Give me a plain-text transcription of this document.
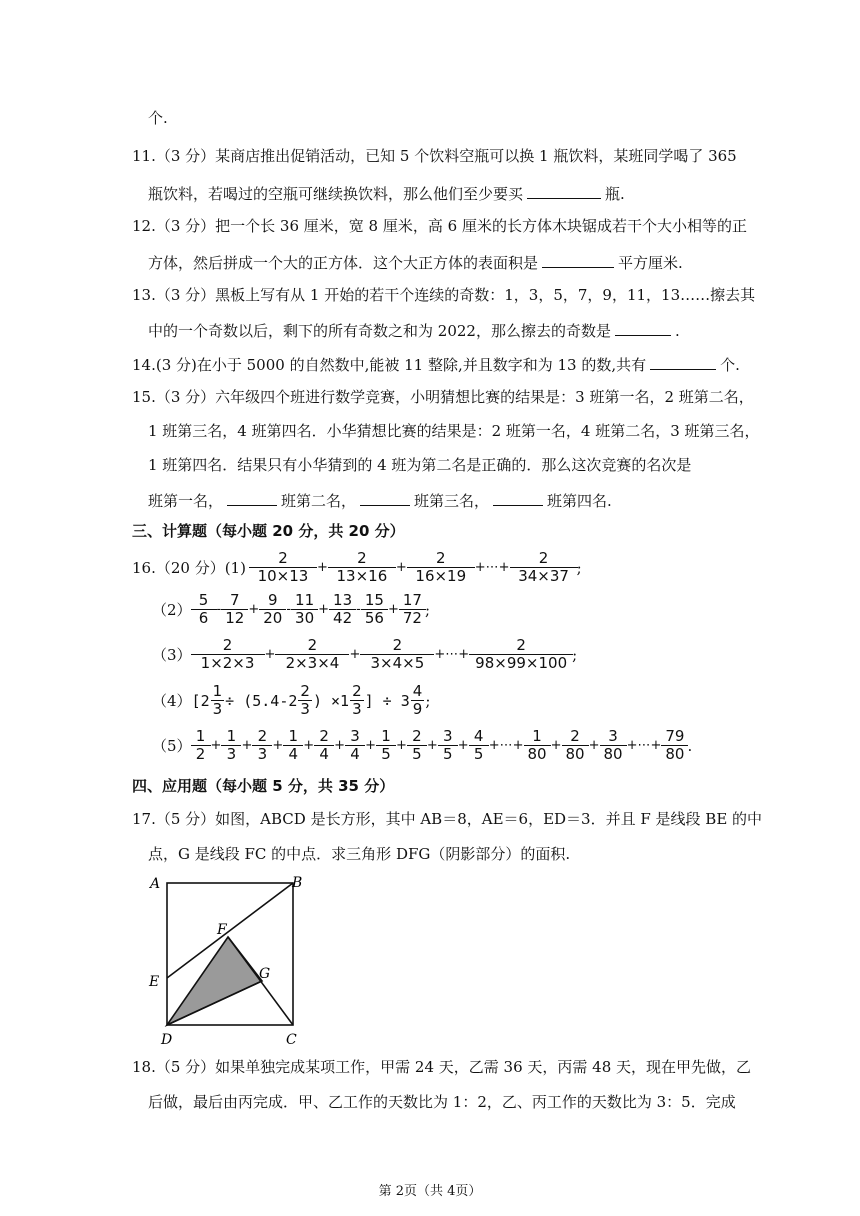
个.
11.（3 分）某商店推出促销活动，已知 5 个饮料空瓶可以换 1 瓶饮料，某班同学喝了 365
瓶饮料，若喝过的空瓶可继续换饮料，那么他们至少要买	瓶.
12.（3 分）把一个长 36 厘米，宽 8 厘米，高 6 厘米的长方体木块锯成若干个大小相等的正
方体，然后拼成一个大的正方体．这个大正方体的表面积是	平方厘米.
13.（3 分）黑板上写有从 1 开始的若干个连续的奇数：1，3，5，7，9，11，13……擦去其
中的一个奇数以后，剩下的所有奇数之和为 2022，那么擦去的奇数是	.
14.(3 分)在小于 5000 的自然数中,能被 11 整除,并且数字和为 13 的数,共有	个.
15.（3 分）六年级四个班进行数学竞赛，小明猜想比赛的结果是：3 班第一名，2 班第二名，
1 班第三名，4 班第四名．小华猜想比赛的结果是：2 班第一名，4 班第二名，3 班第三名，
1 班第四名．结果只有小华猜到的 4 班为第二名是正确的．那么这次竞赛的名次是
班第一名，	班第二名，	班第三名，	班第四名.
三、计算题（每小题 20 分，共 20 分）
16.（20 分）$(1) \frac{2}{10\times 13} + \frac{2}{13\times 16} + \frac{2}{16\times 19}$ +⋯+ $\frac{2}{34\times 37}$ ;
$(2) \frac{5}{6} - \frac{7}{12} + \frac{9}{20} - \frac{11}{30} + \frac{13}{42} - \frac{15}{56} + \frac{17}{72}$ ;
$(3) \frac{2}{1\times 2\times 3} + \frac{2}{2\times 3\times 4} + \frac{2}{3\times 4\times 5}$ +⋯+ $\frac{2}{98\times 99\times 100}$ ;
（4） [$2 \frac{1}{3} \div (5.4-2 \frac{2}{3}$ ) $\times 1 \frac{2}{3}$ ] ÷ $3 \frac{4}{9}$ ;
$(5) \frac{1}{2} + \frac{1}{3} + \frac{2}{3} + \frac{1}{4} + \frac{2}{4} + \frac{3}{4} + \frac{1}{5} + \frac{2}{5} + \frac{3}{5} + \frac{4}{5}$ +⋯+ $\frac{1}{80} + \frac{2}{80} + \frac{3}{80}$ +⋯+ $\frac{79}{80}$ .
四、应用题（每小题 5 分，共 35 分）
17.（5 分）如图，ABCD 是长方形，其中 AB＝8，AE＝6，ED＝3．并且 F 是线段 BE 的中
点，G 是线段 FC 的中点．求三角形 DFG（阴影部分）的面积.
A	B
E
F
G
D	C
18.（5 分）如果单独完成某项工作，甲需 24 天，乙需 36 天，丙需 48 天，现在甲先做，乙
后做，最后由丙完成．甲、乙工作的天数比为 1：2，乙、丙工作的天数比为 3：5．完成
第 2页（共 4页）
